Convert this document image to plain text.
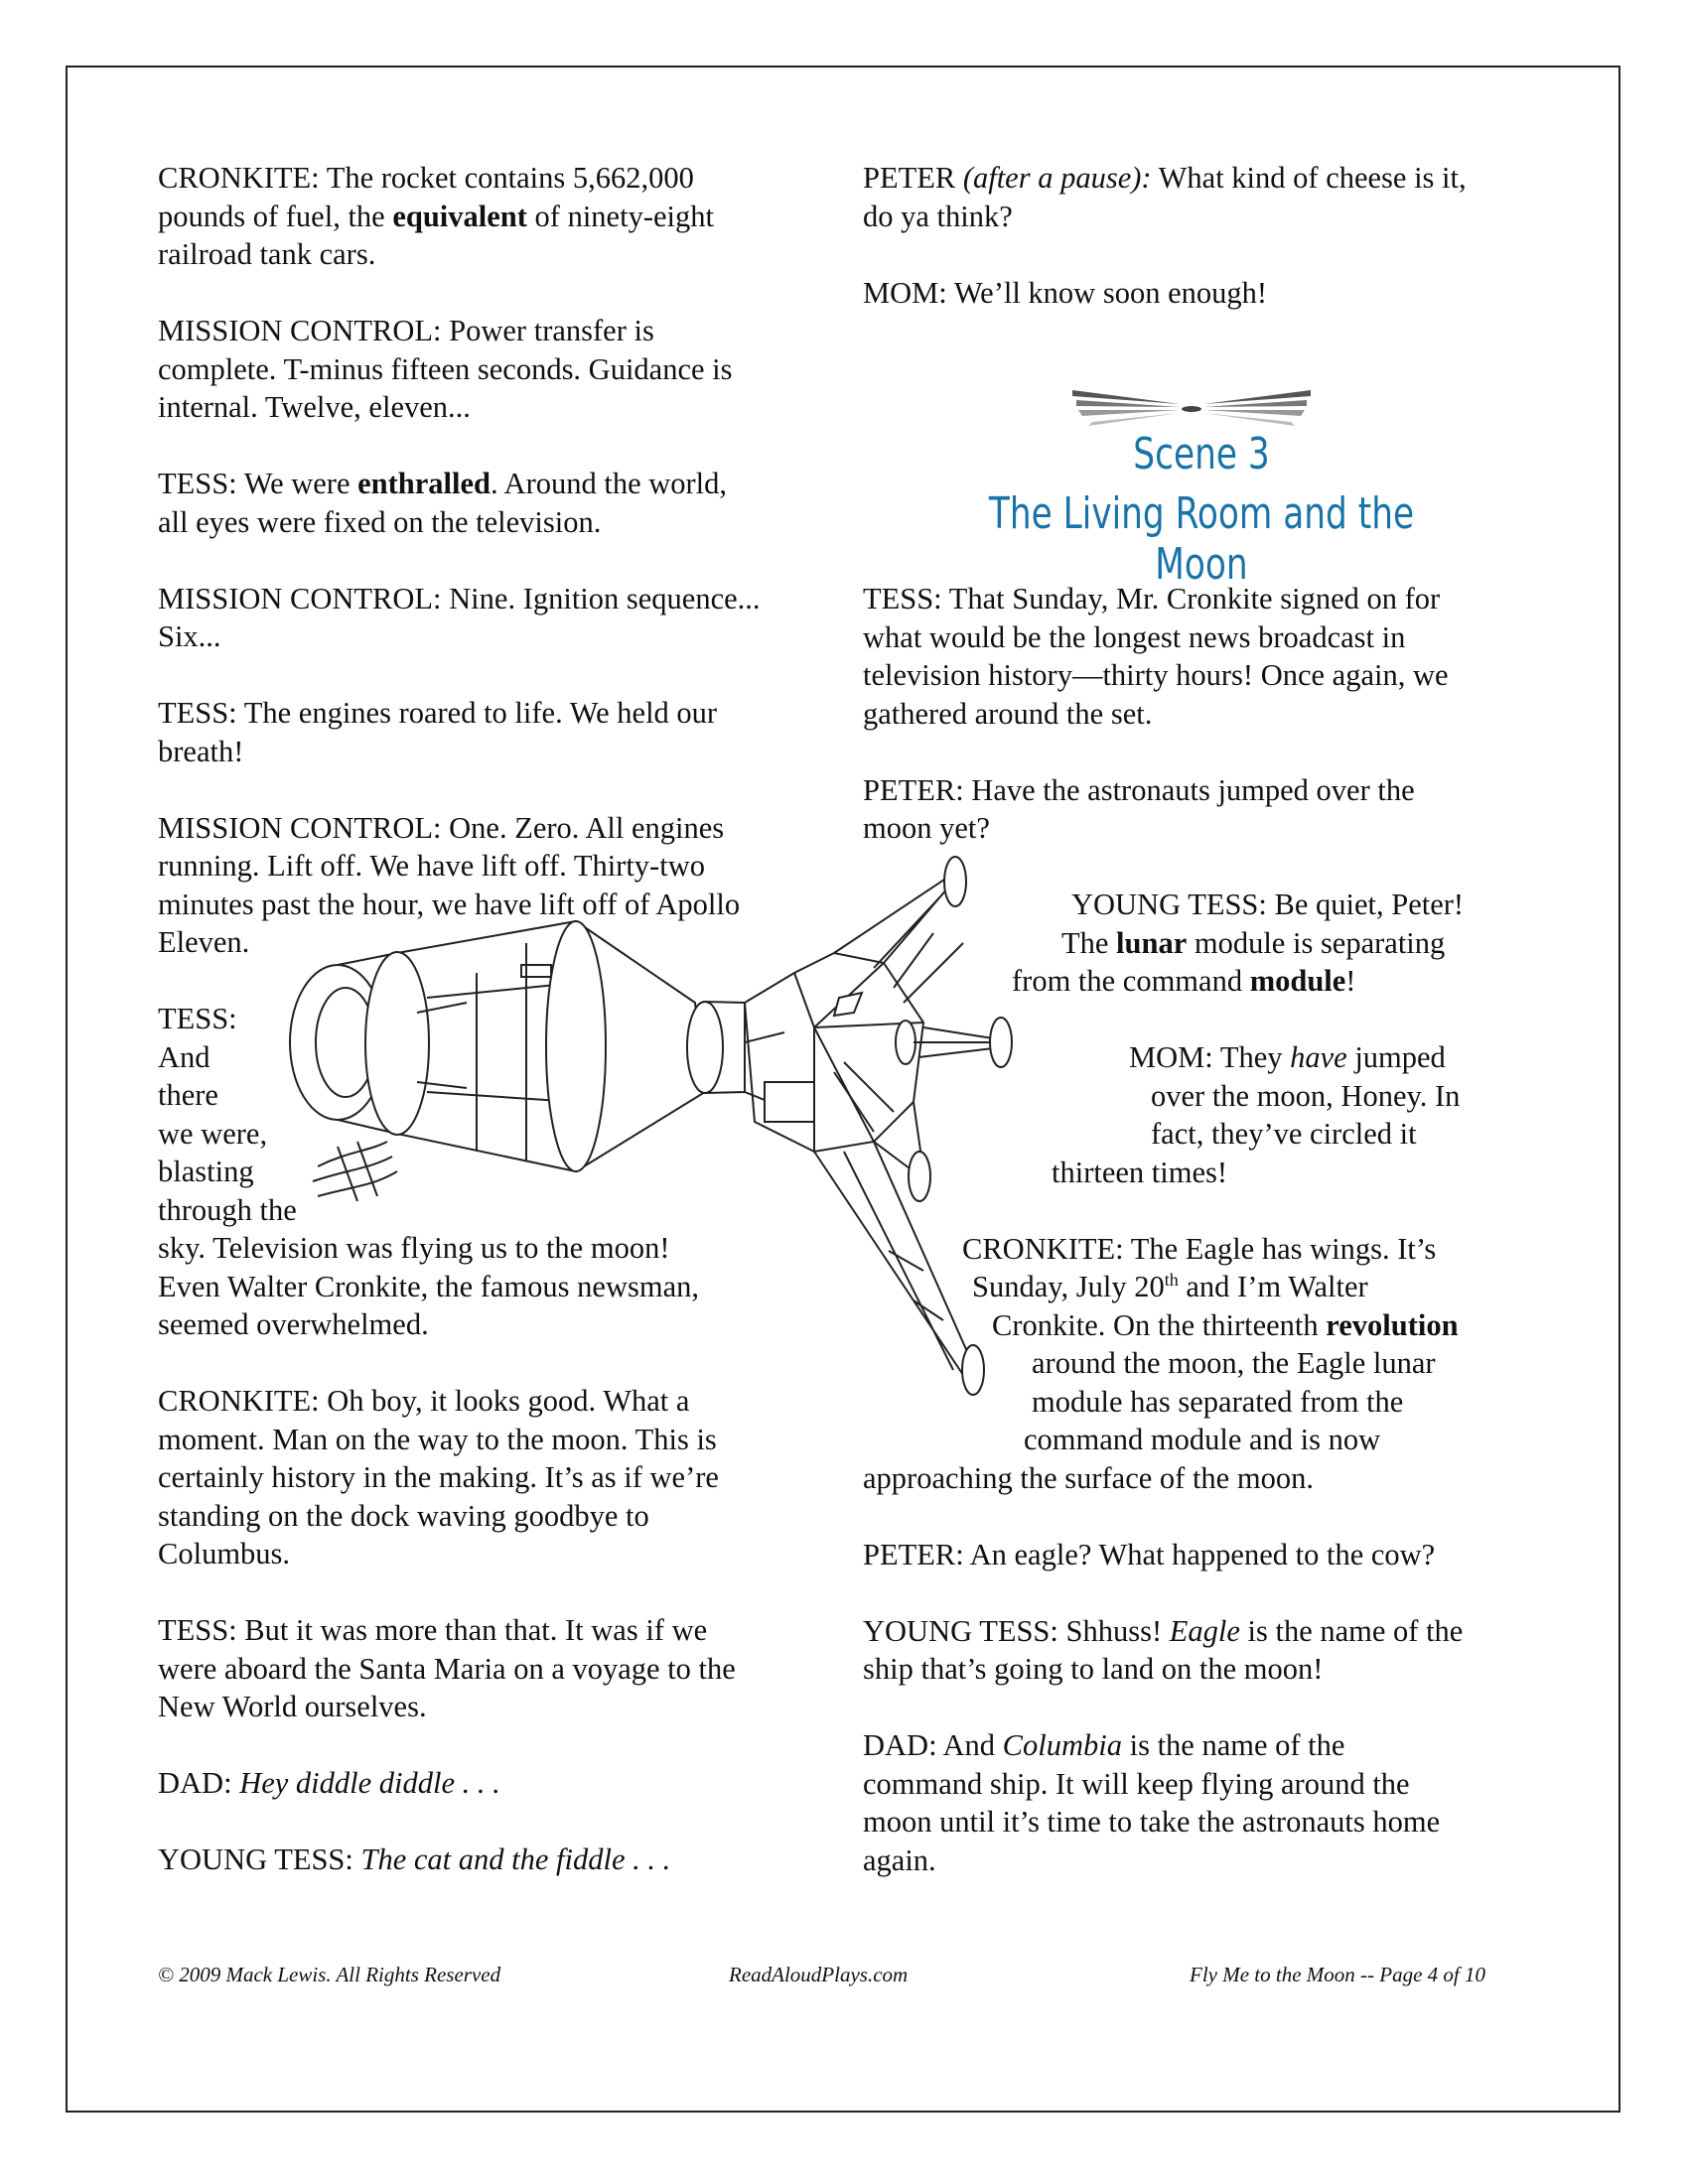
CRONKITE: The rocket contains 5,662,000
pounds of fuel, the equivalent of ninety-eight
railroad tank cars.
MISSION CONTROL: Power transfer is
complete. T-minus fifteen seconds. Guidance is
internal. Twelve, eleven...
TESS: We were enthralled. Around the world,
all eyes were fixed on the television.
MISSION CONTROL: Nine. Ignition sequence...
Six...
TESS: The engines roared to life. We held our
breath!
MISSION CONTROL: One. Zero. All engines
running. Lift off. We have lift off. Thirty-two
minutes past the hour, we have lift off of Apollo
Eleven.
TESS:
And
there
we were,
blasting
through the
sky. Television was flying us to the moon!
Even Walter Cronkite, the famous newsman,
seemed overwhelmed.
CRONKITE: Oh boy, it looks good. What a
moment. Man on the way to the moon. This is
certainly history in the making. It’s as if we’re
standing on the dock waving goodbye to
Columbus.
TESS: But it was more than that. It was if we
were aboard the Santa Maria on a voyage to the
New World ourselves.
DAD: Hey diddle diddle . . .
YOUNG TESS: The cat and the fiddle . . .
PETER (after a pause): What kind of cheese is it,
do ya think?
MOM: We’ll know soon enough!
Scene 3
The Living Room and the Moon
TESS: That Sunday, Mr. Cronkite signed on for
what would be the longest news broadcast in
television history—thirty hours! Once again, we
gathered around the set.
PETER: Have the astronauts jumped over the
moon yet?
YOUNG TESS: Be quiet, Peter!
The lunar module is separating
from the command module!
MOM: They have jumped
over the moon, Honey. In
fact, they’ve circled it
thirteen times!
CRONKITE: The Eagle has wings. It’s
Sunday, July 20th and I’m Walter
Cronkite. On the thirteenth revolution
around the moon, the Eagle lunar
module has separated from the
command module and is now
approaching the surface of the moon.
PETER: An eagle? What happened to the cow?
YOUNG TESS: Shhuss! Eagle is the name of the
ship that’s going to land on the moon!
DAD: And Columbia is the name of the
command ship. It will keep flying around the
moon until it’s time to take the astronauts home
again.
© 2009 Mack Lewis. All Rights Reserved	ReadAloudPlays.com	Fly Me to the Moon -- Page 4 of 10
